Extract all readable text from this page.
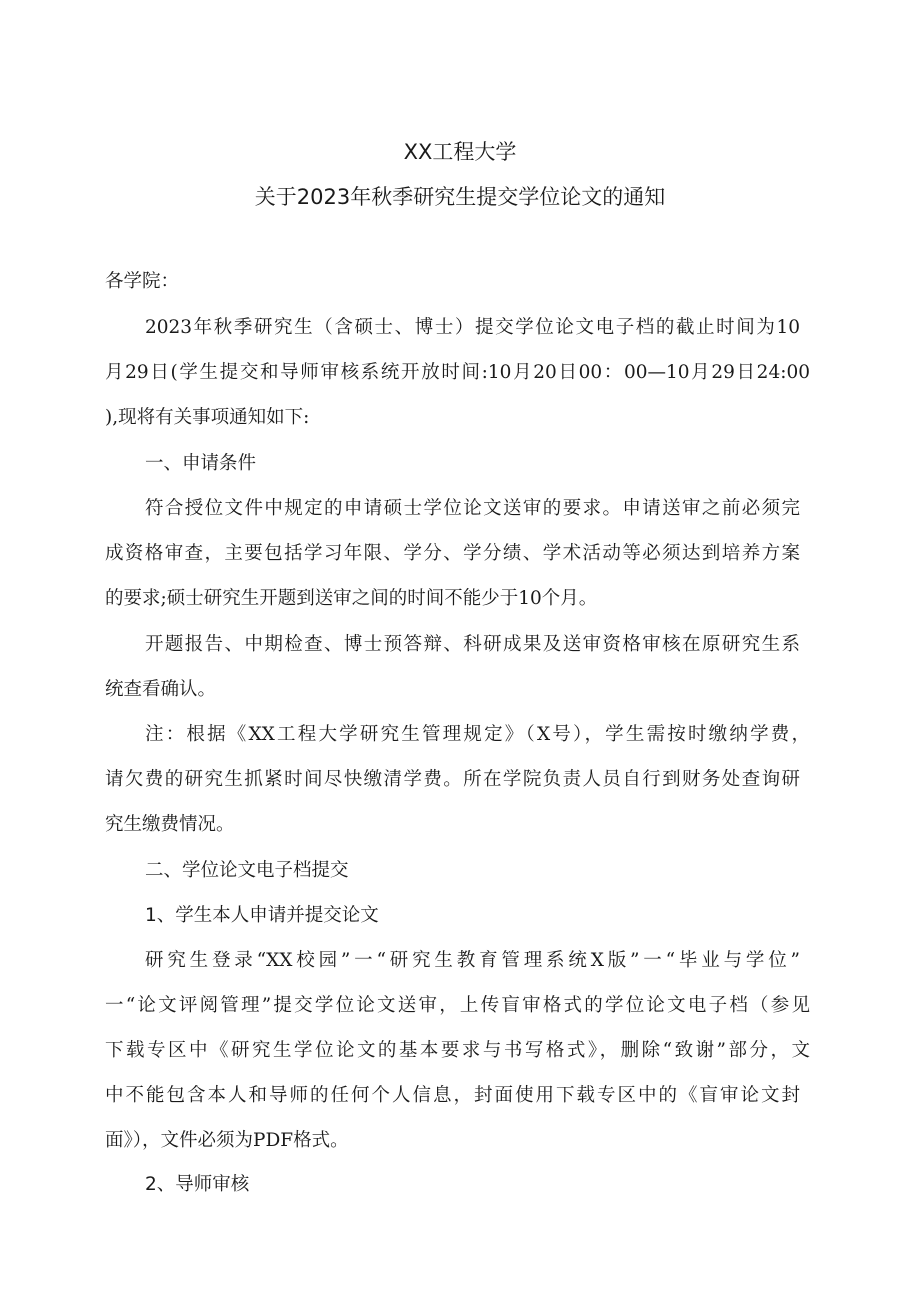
XX工程大学
关于2023年秋季研究生提交学位论文的通知
各学院：
2023年秋季研究生（含硕士、博士）提交学位论文电子档的截止时间为10
月29日(学生提交和导师审核系统开放时间:10月20日00：00—10月29日24:00
),现将有关事项通知如下:
一、申请条件
符合授位文件中规定的申请硕士学位论文送审的要求。申请送审之前必须完
成资格审查，主要包括学习年限、学分、学分绩、学术活动等必须达到培养方案
的要求;硕士研究生开题到送审之间的时间不能少于10个月。
开题报告、中期检查、博士预答辩、科研成果及送审资格审核在原研究生系
统查看确认。
注：根据《XX工程大学研究生管理规定》（X号），学生需按时缴纳学费，
请欠费的研究生抓紧时间尽快缴清学费。所在学院负责人员自行到财务处查询研
究生缴费情况。
二、学位论文电子档提交
1、学生本人申请并提交论文
研究生登录“XX校园”一“研究生教育管理系统X版”一“毕业与学位”
一“论文评阅管理”提交学位论文送审，上传盲审格式的学位论文电子档（参见
下载专区中《研究生学位论文的基本要求与书写格式》，删除“致谢”部分，文
中不能包含本人和导师的任何个人信息，封面使用下载专区中的《盲审论文封
面》），文件必须为PDF格式。
2、导师审核
